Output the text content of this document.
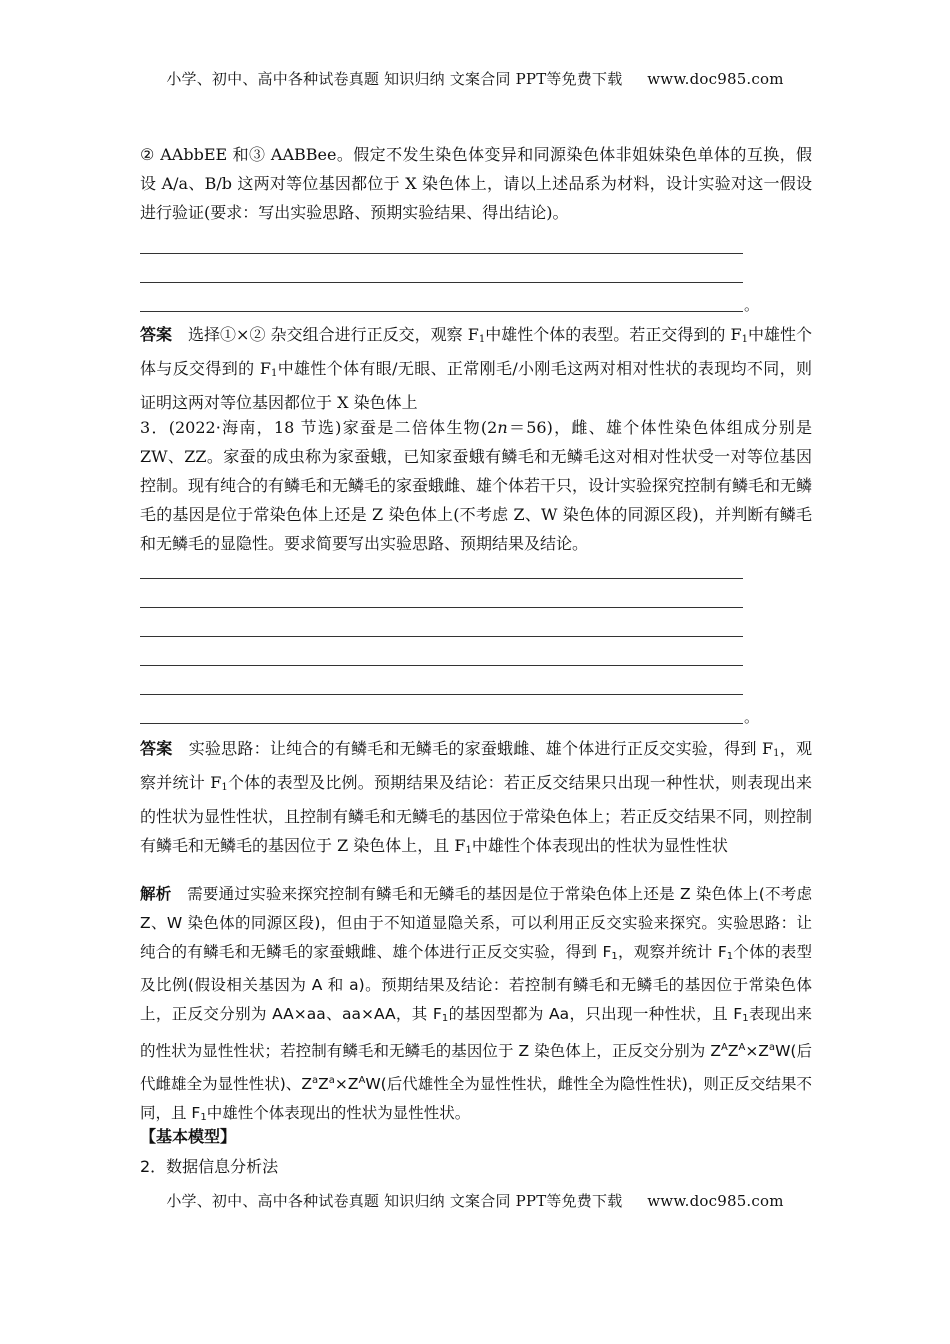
小学、初中、高中各种试卷真题 知识归纳 文案合同 PPT等免费下载 www.doc985.com
② AAbbEE 和③ AABBee。假定不发生染色体变异和同源染色体非姐妹染色单体的互换，假设 A/a、B/b 这两对等位基因都位于 X 染色体上，请以上述品系为材料，设计实验对这一假设进行验证(要求：写出实验思路、预期实验结果、得出结论)。
。
答案　选择①×② 杂交组合进行正反交，观察 $F_1$中雄性个体的表型。若正交得到的 $F_1$中雄性个体与反交得到的 $F_1$中雄性个体有眼/无眼、正常刚毛/小刚毛这两对相对性状的表现均不同，则证明这两对等位基因都位于 X 染色体上
3．(2022·海南，18 节选)家蚕是二倍体生物(2n＝56)，雌、雄个体性染色体组成分别是 ZW、ZZ。家蚕的成虫称为家蚕蛾，已知家蚕蛾有鳞毛和无鳞毛这对相对性状受一对等位基因控制。现有纯合的有鳞毛和无鳞毛的家蚕蛾雌、雄个体若干只，设计实验探究控制有鳞毛和无鳞毛的基因是位于常染色体上还是 Z 染色体上(不考虑 Z、W 染色体的同源区段)，并判断有鳞毛和无鳞毛的显隐性。要求简要写出实验思路、预期结果及结论。
。
答案　实验思路：让纯合的有鳞毛和无鳞毛的家蚕蛾雌、雄个体进行正反交实验，得到 $F_1$，观察并统计 $F_1$个体的表型及比例。预期结果及结论：若正反交结果只出现一种性状，则表现出来的性状为显性性状，且控制有鳞毛和无鳞毛的基因位于常染色体上；若正反交结果不同，则控制有鳞毛和无鳞毛的基因位于 Z 染色体上，且 $F_1$中雄性个体表现出的性状为显性性状
解析　需要通过实验来探究控制有鳞毛和无鳞毛的基因是位于常染色体上还是 Z 染色体上(不考虑Z、W 染色体的同源区段)，但由于不知道显隐关系，可以利用正反交实验来探究。实验思路：让纯合的有鳞毛和无鳞毛的家蚕蛾雌、雄个体进行正反交实验，得到 $F_1$，观察并统计 $F_1$个体的表型及比例(假设相关基因为 A 和 a)。预期结果及结论：若控制有鳞毛和无鳞毛的基因位于常染色体上，正反交分别为 AA×aa、aa×AA，其 $F_1$的基因型都为 Aa，只出现一种性状，且 $F_1$表现出来的性状为显性性状；若控制有鳞毛和无鳞毛的基因位于 Z 染色体上，正反交分别为 $Z^AZ^A\times Z^aW$(后代雌雄全为显性性状)、$Z^aZ^a\times Z^AW$(后代雄性全为显性性状，雌性全为隐性性状)，则正反交结果不同，且 $F_1$中雄性个体表现出的性状为显性性状。
【基本模型】
2．数据信息分析法
小学、初中、高中各种试卷真题 知识归纳 文案合同 PPT等免费下载 www.doc985.com
